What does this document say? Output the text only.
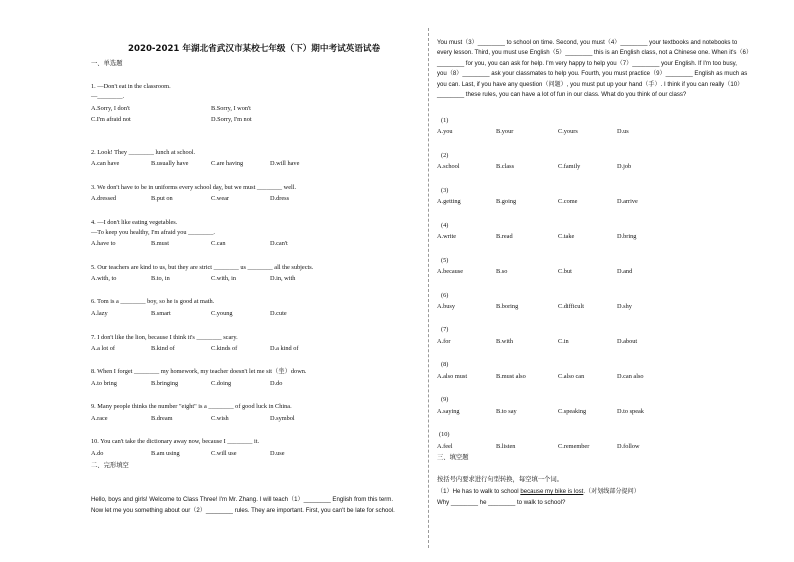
2020-2021 年湖北省武汉市某校七年级（下）期中考试英语试卷
一、单选题
1. —Don't eat in the classroom.
—________.
A.Sorry, I don't	B.Sorry, I won't
C.I'm afraid not	D.Sorry, I'm not
2. Look! They ________ lunch at school.
A.can have	B.usually have	C.are having	D.will have
3. We don't have to be in uniforms every school day, but we must ________ well.
A.dressed	B.put on	C.wear	D.dress
4. —I don't like eating vegetables.
—To keep you healthy, I'm afraid you ________.
A.have to	B.must	C.can	D.can't
5. Our teachers are kind to us, but they are strict ________ us ________ all the subjects.
A.with, to	B.to, in	C.with, in	D.in, with
6. Tom is a ________ boy, so he is good at math.
A.lazy	B.smart	C.young	D.cute
7. I don't like the lion, because I think it's ________ scary.
A.a lot of	B.kind of	C.kinds of	D.a kind of
8. When I forget ________ my homework, my teacher doesn't let me sit（坐）down.
A.to bring	B.bringing	C.doing	D.do
9. Many people thinks the number "eight" is a ________ of good luck in China.
A.race	B.dream	C.wish	D.symbol
10. You can't take the dictionary away now, because I ________ it.
A.do	B.am using	C.will use	D.use
二、完形填空
Hello, boys and girls! Welcome to Class Three! I'm Mr. Zhang. I will teach（1）________ English from this term.
Now let me you something about our（2）________ rules. They are important. First, you can't be late for school.
You must（3）________ to school on time. Second, you must（4）________ your textbooks and notebooks to
every lesson. Third, you must use English（5）________ this is an English class, not a Chinese one. When it's（6）
________ for you, you can ask for help. I'm very happy to help you（7）________ your English. If I'm too busy,
you（8）________ ask your classmates to help you. Fourth, you must practice（9）________ English as much as
you can. Last, if you have any question（问题）, you must put up your hand（手）. I think if you can really（10）
________ these rules, you can have a lot of fun in our class. What do you think of our class?
(1)
A.you	B.your	C.yours	D.us
(2)
A.school	B.class	C.family	D.job
(3)
A.getting	B.going	C.come	D.arrive
(4)
A.write	B.read	C.take	D.bring
(5)
A.because	B.so	C.but	D.and
(6)
A.busy	B.boring	C.difficult	D.shy
(7)
A.for	B.with	C.in	D.about
(8)
A.also must	B.must also	C.also can	D.can also
(9)
A.saying	B.to say	C.speaking	D.to speak
(10)
A.feel	B.listen	C.remember	D.follow
三、填空题
按括号内要求进行句型转换，每空填一个词。
（1）He has to walk to school because my bike is lost.（对划线部分提问）
Why ________ he ________ to walk to school?
